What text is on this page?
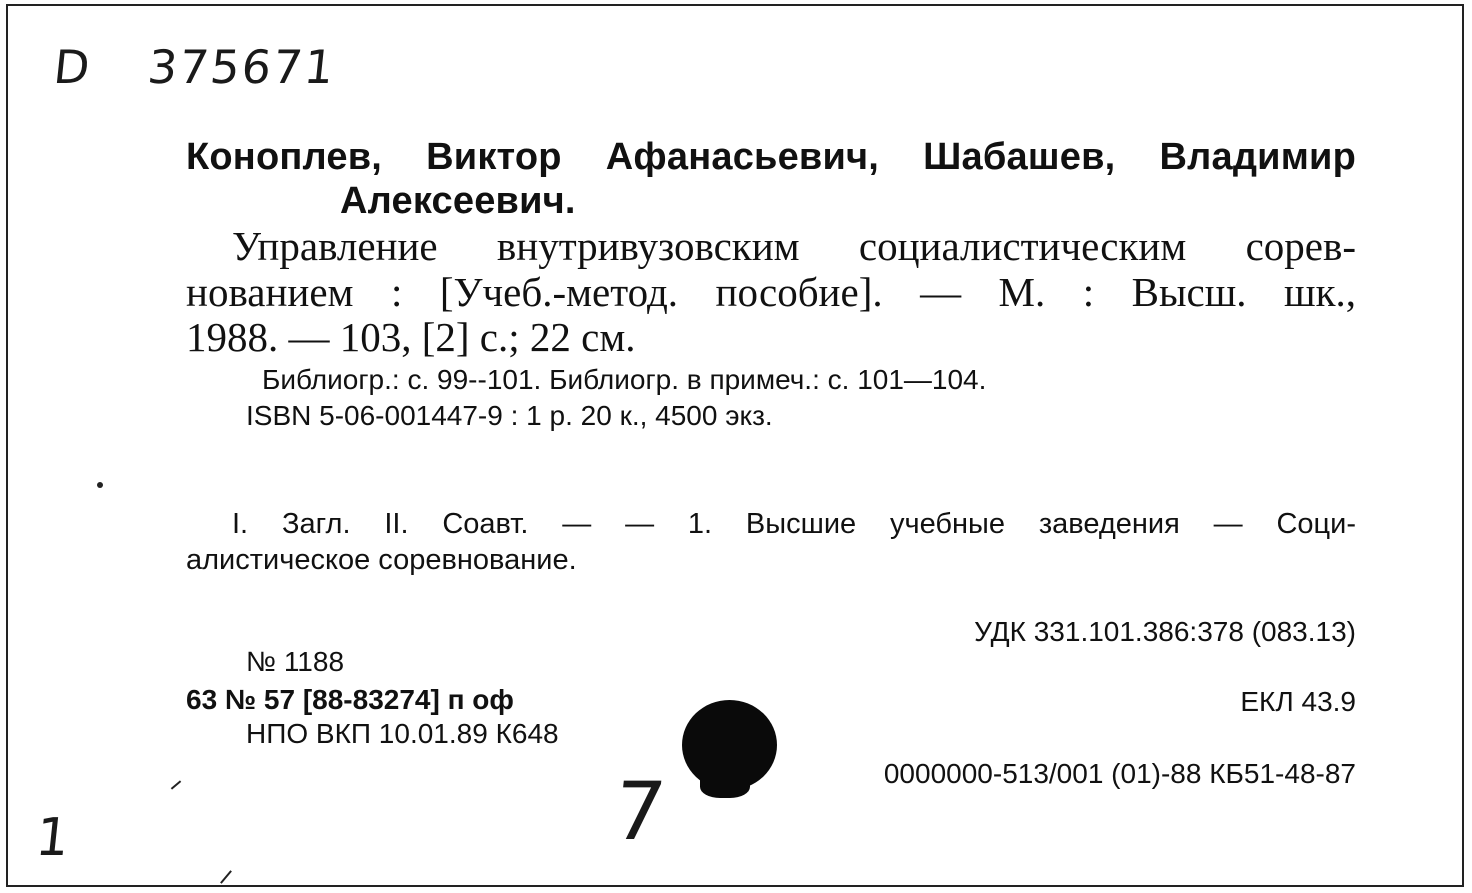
D 375671
Коноплев, Виктор Афанасьевич, Шабашев, Владимир
Алексеевич.
Управление внутривузовским социалистическим сорев-
нованием : [Учеб.-метод. пособие]. — М. : Высш. шк.,
1988. — 103, [2] с.; 22 см.
Библиогр.: с. 99--101. Библиогр. в примеч.: с. 101—104.
ISBN 5-06-001447-9 : 1 р. 20 к., 4500 экз.
I. Загл. II. Соавт. — — 1. Высшие учебные заведения — Соци-
алистическое соревнование.
УДК 331.101.386:378 (083.13)
№ 1188
63 № 57 [88-83274] п оф
НПО ВКП 10.01.89 К648
ЕКЛ 43.9
0000000-513/001 (01)-88 КБ51-48-87
1	7
